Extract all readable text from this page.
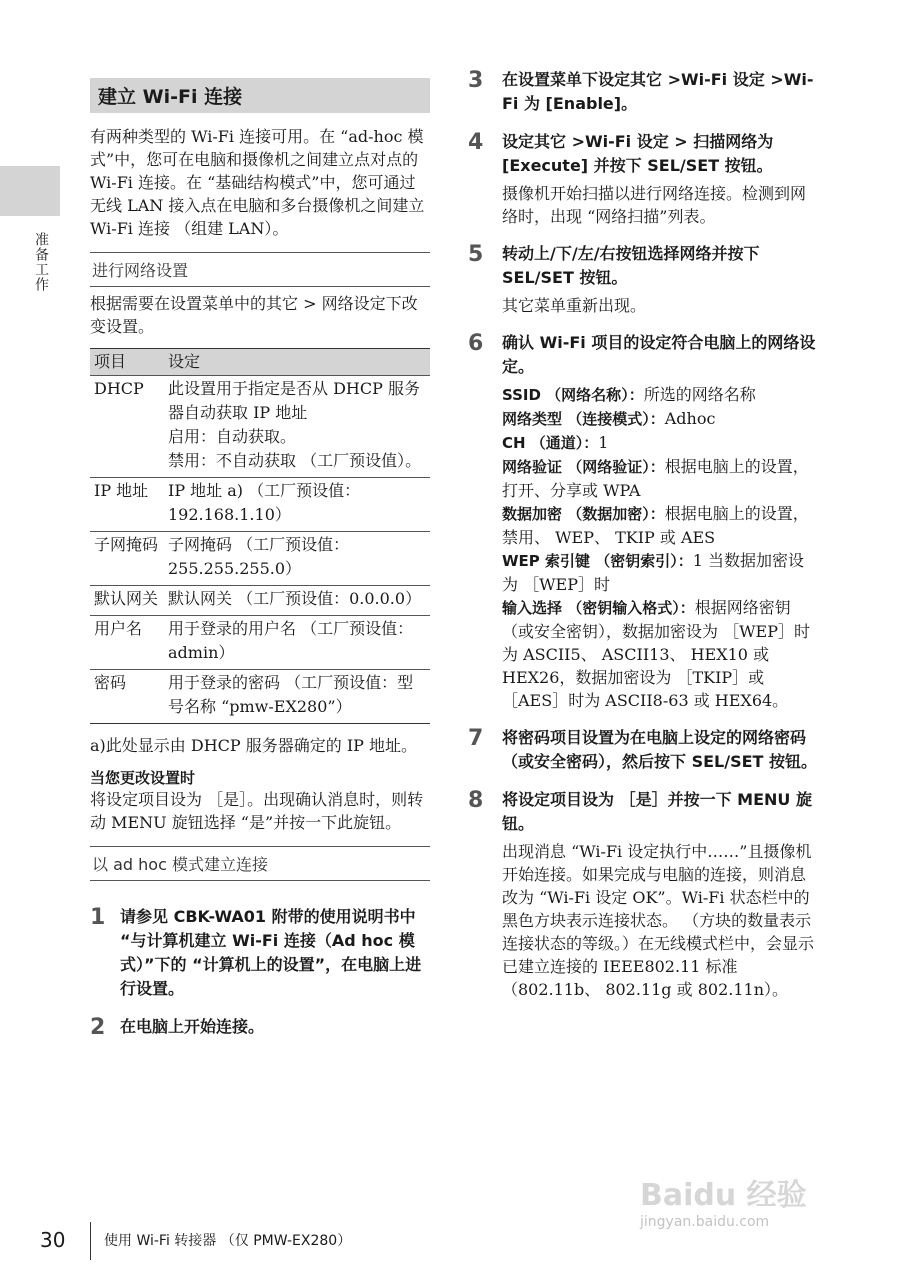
准备工作
建立 Wi-Fi 连接
有两种类型的 Wi-Fi 连接可用。在 “ad-hoc 模式”中，您可在电脑和摄像机之间建立点对点的 Wi-Fi 连接。在 “基础结构模式”中，您可通过无线 LAN 接入点在电脑和多台摄像机之间建立 Wi-Fi 连接 （组建 LAN）。
进行网络设置
根据需要在设置菜单中的其它 > 网络设定下改变设置。
项目	设定
DHCP	此设置用于指定是否从 DHCP 服务器自动获取 IP 地址
启用：自动获取。
禁用：不自动获取 （工厂预设值）。

IP 地址	IP 地址 a) （工厂预设值：192.168.1.10）
子网掩码	子网掩码 （工厂预设值：255.255.255.0）
默认网关	默认网关 （工厂预设值：0.0.0.0）
用户名	用于登录的用户名 （工厂预设值：admin）
密码	用于登录的密码 （工厂预设值：型号名称 “pmw-EX280”）
a)此处显示由 DHCP 服务器确定的 IP 地址。
当您更改设置时
将设定项目设为 ［是］。出现确认消息时，则转动 MENU 旋钮选择 “是”并按一下此旋钮。
以 ad hoc 模式建立连接
1 请参见 CBK-WA01 附带的使用说明书中 “与计算机建立 Wi-Fi 连接（Ad hoc 模式）”下的 “计算机上的设置”，在电脑上进行设置。
2 在电脑上开始连接。
3 在设置菜单下设定其它 >Wi-Fi 设定 >Wi-Fi 为 [Enable]。
4 设定其它 >Wi-Fi 设定 > 扫描网络为 [Execute] 并按下 SEL/SET 按钮。
摄像机开始扫描以进行网络连接。检测到网络时，出现 “网络扫描”列表。
5 转动上/下/左/右按钮选择网络并按下 SEL/SET 按钮。
其它菜单重新出现。
6 确认 Wi-Fi 项目的设定符合电脑上的网络设定。

SSID （网络名称）：所选的网络名称

网络类型 （连接模式）：Adhoc

CH （通道）：1

网络验证 （网络验证）：根据电脑上的设置，打开、分享或 WPA

数据加密 （数据加密）：根据电脑上的设置，禁用、 WEP、 TKIP 或 AES

WEP 索引键 （密钥索引）：1 当数据加密设为 ［WEP］时

输入选择 （密钥输入格式）：根据网络密钥 （或安全密钥），数据加密设为 ［WEP］时为 ASCII5、 ASCII13、 HEX10 或 HEX26，数据加密设为 ［TKIP］或 ［AES］时为 ASCII8-63 或 HEX64。

7 将密码项目设置为在电脑上设定的网络密码 （或安全密码），然后按下 SEL/SET 按钮。
8 将设定项目设为 ［是］并按一下 MENU 旋钮。
出现消息 “Wi-Fi 设定执行中……”且摄像机开始连接。如果完成与电脑的连接，则消息改为 “Wi-Fi 设定 OK”。Wi-Fi 状态栏中的黑色方块表示连接状态。 （方块的数量表示连接状态的等级。）在无线模式栏中，会显示已建立连接的 IEEE802.11 标准（802.11b、 802.11g 或 802.11n）。
Baidu 经验
jingyan.baidu.com
30	使用 Wi-Fi 转接器 （仅 PMW-EX280）
